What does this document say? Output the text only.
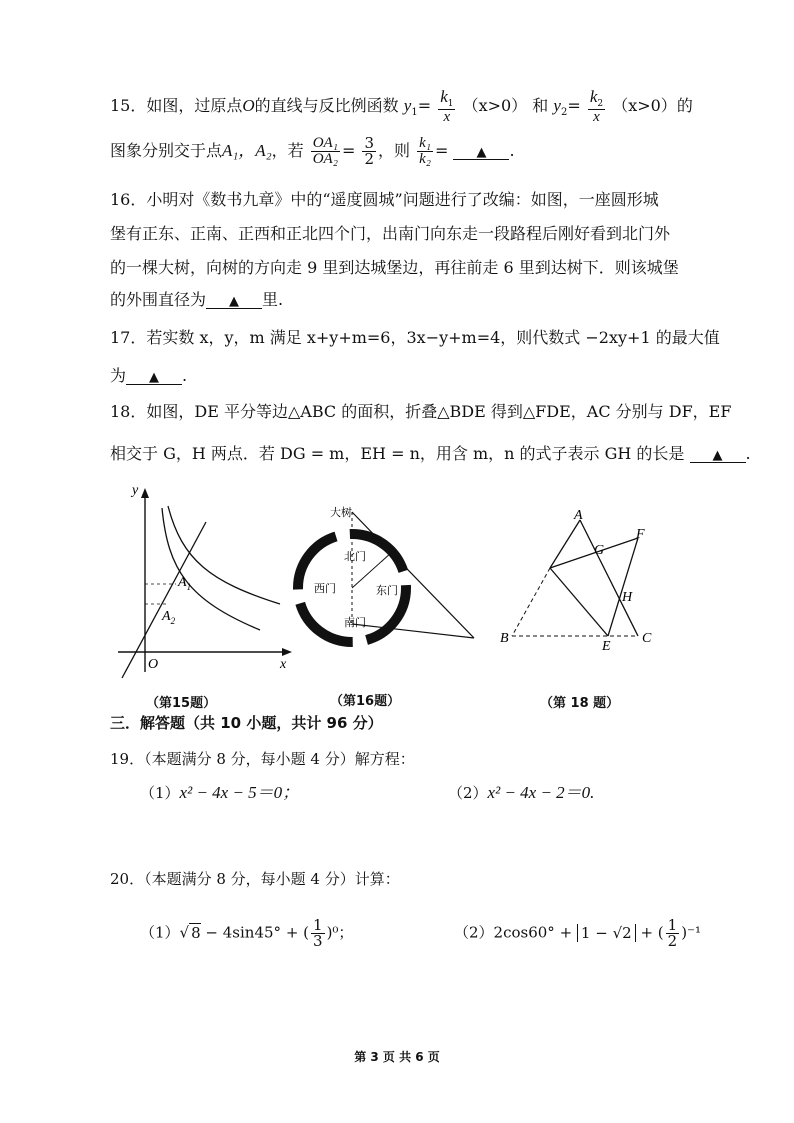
15．如图，过原点O的直线与反比例函数 $y_1= \frac{k_1}{x} (x>0)$ 和 $y_2= \frac{k_2}{x} (x>0)$的
图象分别交于点A₁，A₂，若 $\frac{\text{OA₁}}{\text{OA₂}} = \frac{3}{2}$ ，则 $\frac{\text{k₁}}{\text{k₂}}$ = ▲ .
16．小明对《数书九章》中的“遥度圆城”问题进行了改编：如图，一座圆形城
堡有正东、正南、正西和正北四个门，出南门向东走一段路程后刚好看到北门外
的一棵大树，向树的方向走 9 里到达城堡边，再往前走 6 里到达树下．则该城堡
的外围直径为 ▲ 里.
17．若实数 x，y，m 满足 x+y+m=6，3x−y+m=4，则代数式 −2xy+1 的最大值
为 ▲ .
18．如图，DE 平分等边△ABC 的面积，折叠△BDE 得到△FDE，AC 分别与 DF，EF
相交于 G，H 两点．若 DG = m，EH = n，用含 m，n 的式子表示 GH 的长是 ▲ .
y
x
O
$A_1$
$A_2$
大树
北门
西门	东门
南门
A
G
F
H
B
E
C
（第15题）	（第16题）	（第 18 题）
三．解答题（共 10 小题，共计 96 分）
19．（本题满分 8 分，每小题 4 分）解方程：
（1）x² − 4x − 5＝0；	（2）x² − 4x − 2＝0.
20．（本题满分 8 分，每小题 4 分）计算：
（1）√ 8 − 4sin45° + ( $\frac{1}{3} )^0$；	（2）2cos60° + 1 − √2 + ( $\frac{1}{2} )^{-1}$
第 3 页 共 6 页
